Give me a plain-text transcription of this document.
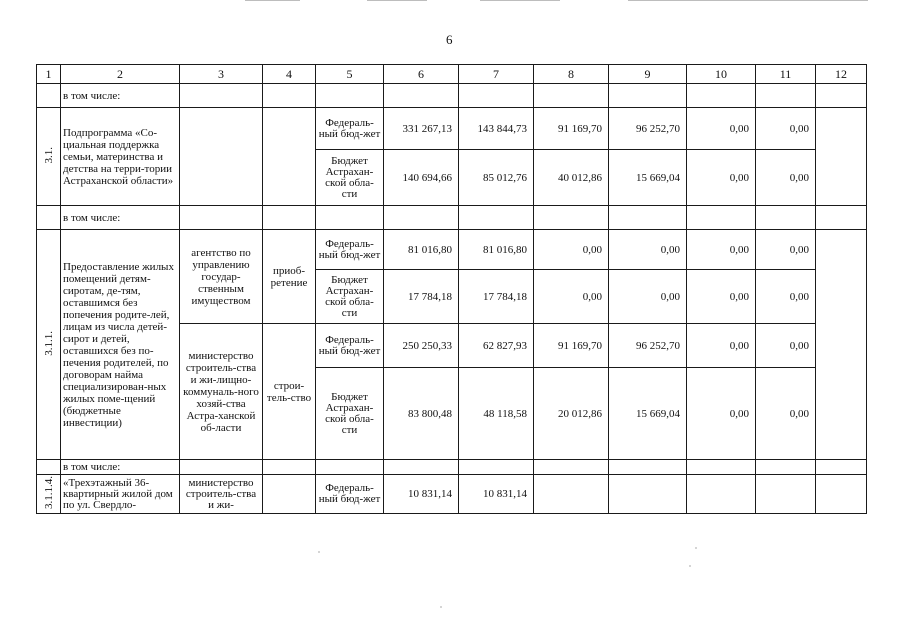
6
1	2	3	4	5	6	7	8	9	10	11	12
	в том числе:										
3.1.	Подпрограмма «Со-циальная поддержка семьи, материнства и детства на терри-тории Астраханской области»			Федераль-ный бюд-жет	331 267,13	143 844,73	91 169,70	96 252,70	0,00	0,00	
				Бюджет Астрахан-ской обла-сти	140 694,66	85 012,76	40 012,86	15 669,04	0,00	0,00	
	в том числе:										
3.1.1.	Предоставление жилых помещений детям-сиротам, де-тям, оставшимся без попечения родите-лей, лицам из числа детей-сирот и детей, оставшихся без по-печения родителей, по договорам найма специализирован-ных жилых поме-щений (бюджетные инвестиции)	агентство по управлению государ-ственным имуществом	приоб-ретение	Федераль-ный бюд-жет	81 016,80	81 016,80	0,00	0,00	0,00	0,00	
				Бюджет Астрахан-ской обла-сти	17 784,18	17 784,18	0,00	0,00	0,00	0,00	
		министерство строитель-ства и жи-лищно-коммуналь-ного хозяй-ства Астра-ханской об-ласти	строи-тель-ство	Федераль-ный бюд-жет	250 250,33	62 827,93	91 169,70	96 252,70	0,00	0,00	
				Бюджет Астрахан-ской обла-сти	83 800,48	48 118,58	20 012,86	15 669,04	0,00	0,00	
	в том числе:										
3.1.1.4.	«Трехэтажный 36-квартирный жилой дом по ул. Свердло-	министерство строитель-ства и жи-		Федераль-ный бюд-жет	10 831,14	10 831,14					
